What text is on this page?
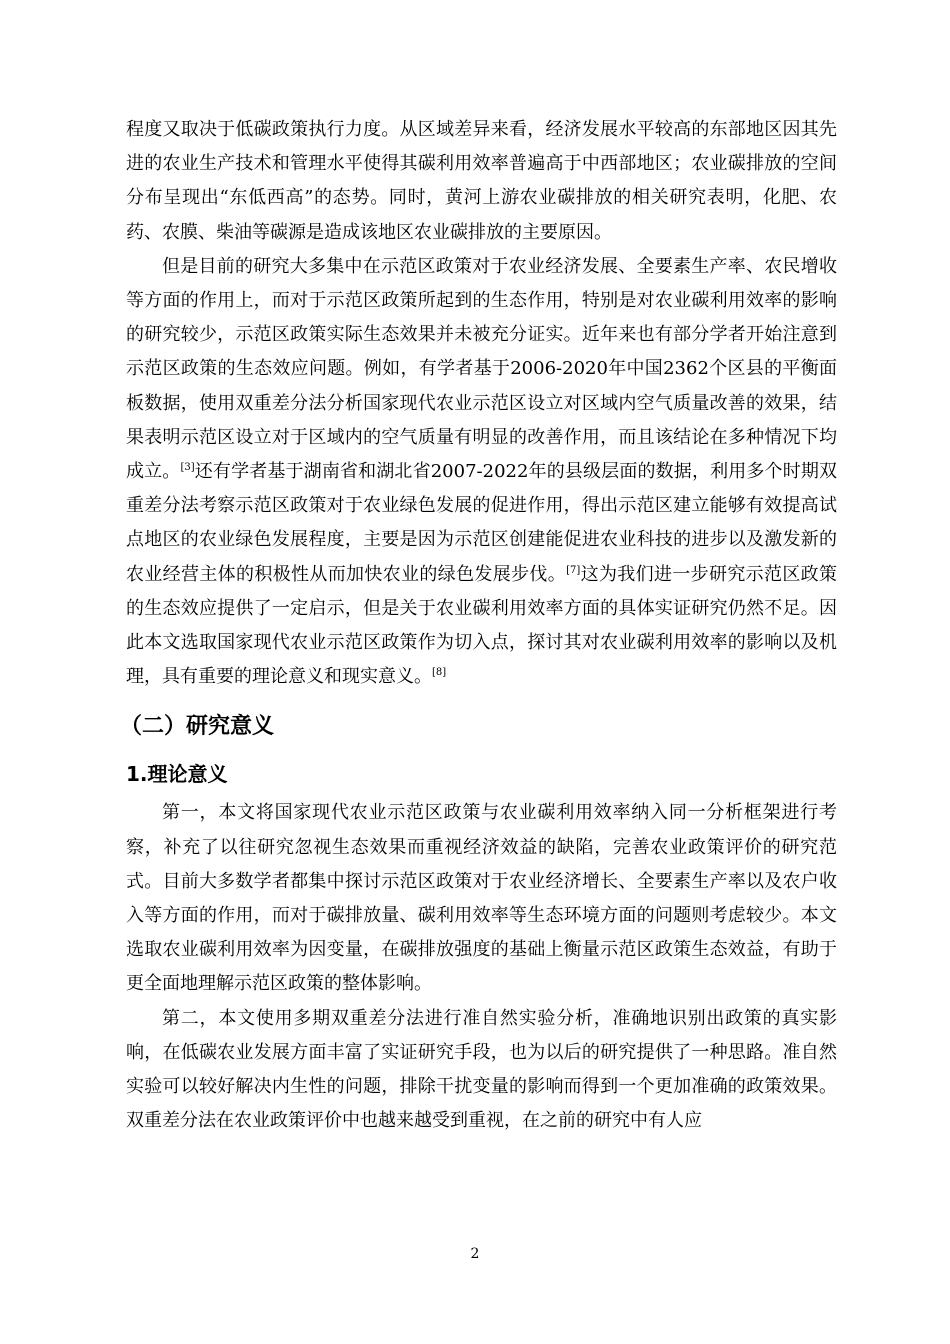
程度又取决于低碳政策执行力度。从区域差异来看，经济发展水平较高的东部地区因其先进的农业生产技术和管理水平使得其碳利用效率普遍高于中西部地区；农业碳排放的空间分布呈现出“东低西高”的态势。同时，黄河上游农业碳排放的相关研究表明，化肥、农药、农膜、柴油等碳源是造成该地区农业碳排放的主要原因。

但是目前的研究大多集中在示范区政策对于农业经济发展、全要素生产率、农民增收等方面的作用上，而对于示范区政策所起到的生态作用，特别是对农业碳利用效率的影响的研究较少，示范区政策实际生态效果并未被充分证实。近年来也有部分学者开始注意到示范区政策的生态效应问题。例如，有学者基于2006-2020年中国2362个区县的平衡面板数据，使用双重差分法分析国家现代农业示范区设立对区域内空气质量改善的效果，结果表明示范区设立对于区域内的空气质量有明显的改善作用，而且该结论在多种情况下均成立。[3]还有学者基于湖南省和湖北省2007-2022年的县级层面的数据，利用多个时期双重差分法考察示范区政策对于农业绿色发展的促进作用，得出示范区建立能够有效提高试点地区的农业绿色发展程度，主要是因为示范区创建能促进农业科技的进步以及激发新的农业经营主体的积极性从而加快农业的绿色发展步伐。[7]这为我们进一步研究示范区政策的生态效应提供了一定启示，但是关于农业碳利用效率方面的具体实证研究仍然不足。因此本文选取国家现代农业示范区政策作为切入点，探讨其对农业碳利用效率的影响以及机理，具有重要的理论意义和现实意义。[8]

（二）研究意义
1.理论意义

第一，本文将国家现代农业示范区政策与农业碳利用效率纳入同一分析框架进行考察，补充了以往研究忽视生态效果而重视经济效益的缺陷，完善农业政策评价的研究范式。目前大多数学者都集中探讨示范区政策对于农业经济增长、全要素生产率以及农户收入等方面的作用，而对于碳排放量、碳利用效率等生态环境方面的问题则考虑较少。本文选取农业碳利用效率为因变量，在碳排放强度的基础上衡量示范区政策生态效益，有助于更全面地理解示范区政策的整体影响。

第二，本文使用多期双重差分法进行准自然实验分析，准确地识别出政策的真实影响，在低碳农业发展方面丰富了实证研究手段，也为以后的研究提供了一种思路。准自然实验可以较好解决内生性的问题，排除干扰变量的影响而得到一个更加准确的政策效果。双重差分法在农业政策评价中也越来越受到重视，在之前的研究中有人应

2
